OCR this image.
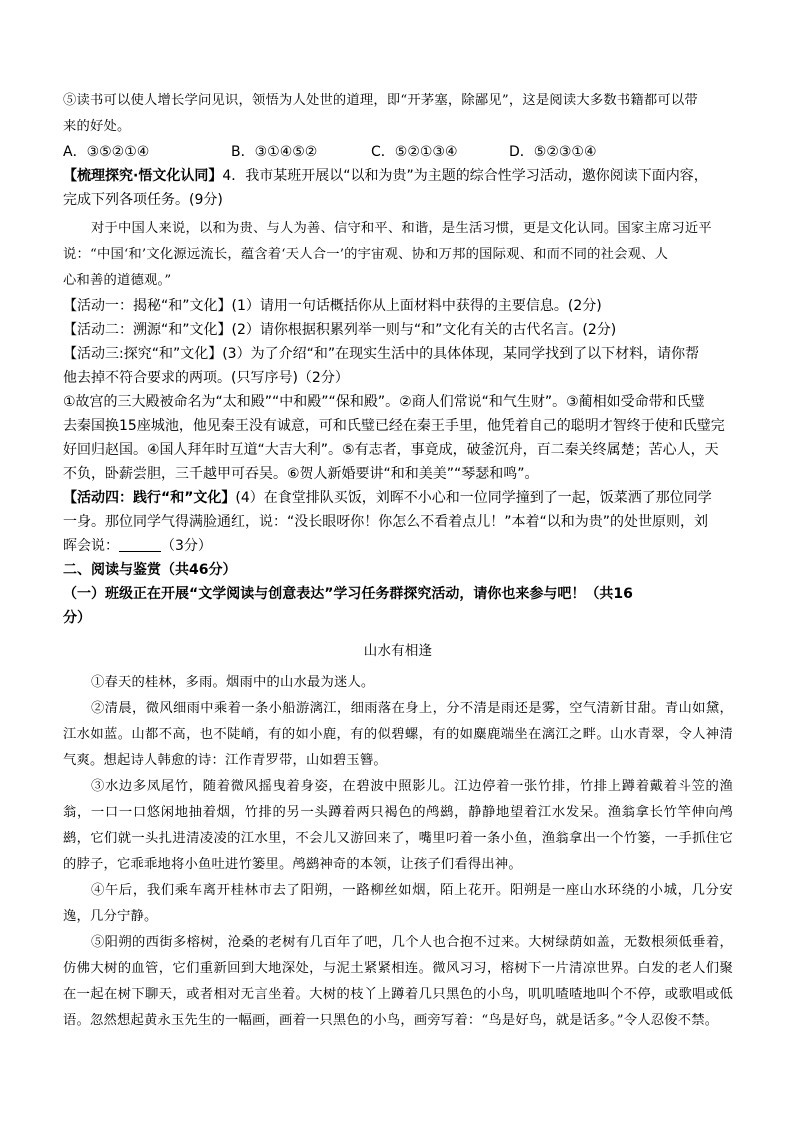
⑤读书可以使人增长学问见识，领悟为人处世的道理，即“开茅塞，除鄙见”，这是阅读大多数书籍都可以带

来的好处。

A．③⑤②①④	B．③①④⑤②	C．⑤②①③④	D．⑤②③①④

【梳理探究·悟文化认同】4．我市某班开展以“以和为贵”为主题的综合性学习活动，邀你阅读下面内容，

完成下列各项任务。(9分)

对于中国人来说，以和为贵、与人为善、信守和平、和谐，是生活习惯，更是文化认同。国家主席习近平

说：“中国‘和’文化源远流长，蕴含着‘天人合一’的宇宙观、协和万邦的国际观、和而不同的社会观、人

心和善的道德观。”

【活动一：揭秘“和”文化】(1）请用一句话概括你从上面材料中获得的主要信息。(2分)

【活动二：溯源“和”文化】(2）请你根据积累列举一则与“和”文化有关的古代名言。(2分)

【活动三:探究“和”文化】(3）为了介绍“和”在现实生活中的具体体现，某同学找到了以下材料，请你帮

他去掉不符合要求的两项。(只写序号)（2分）

①故宫的三大殿被命名为“太和殿”“中和殿”“保和殿”。②商人们常说“和气生财”。③蔺相如受命带和氏璧

去秦国换15座城池，他见秦王没有诚意，可和氏璧已经在秦王手里，他凭着自己的聪明才智终于使和氏璧完

好回归赵国。④国人拜年时互道“大吉大利”。⑤有志者，事竟成，破釜沉舟，百二秦关终属楚；苦心人，天

不负，卧薪尝胆，三千越甲可吞吴。⑥贺人新婚要讲“和和美美”“琴瑟和鸣”。

【活动四：践行“和”文化】(4）在食堂排队买饭，刘晖不小心和一位同学撞到了一起，饭菜洒了那位同学

一身。那位同学气得满脸通红，说：“没长眼呀你！你怎么不看着点儿！”本着“以和为贵”的处世原则，刘

晖会说：	（3分）

二、阅读与鉴赏（共46分）

（一）班级正在开展“文学阅读与创意表达”学习任务群探究活动，请你也来参与吧！（共16

分）

山水有相逢

①春天的桂林，多雨。烟雨中的山水最为迷人。

②清晨，微风细雨中乘着一条小船游漓江，细雨落在身上，分不清是雨还是雾，空气清新甘甜。青山如黛，江水如蓝。山都不高，也不陡峭，有的如小鹿，有的似碧螺，有的如麋鹿端坐在漓江之畔。山水青翠，令人神清气爽。想起诗人韩愈的诗：江作青罗带，山如碧玉簪。

③水边多凤尾竹，随着微风摇曳着身姿，在碧波中照影儿。江边停着一张竹排，竹排上蹲着戴着斗笠的渔翁，一口一口悠闲地抽着烟，竹排的另一头蹲着两只褐色的鸬鹚，静静地望着江水发呆。渔翁拿长竹竿伸向鸬鹚，它们就一头扎进清凌凌的江水里，不会儿又游回来了，嘴里叼着一条小鱼，渔翁拿出一个竹篓，一手抓住它的脖子，它乖乖地将小鱼吐进竹篓里。鸬鹚神奇的本领，让孩子们看得出神。

④午后，我们乘车离开桂林市去了阳朔，一路柳丝如烟，陌上花开。阳朔是一座山水环绕的小城，几分安逸，几分宁静。

⑤阳朔的西街多榕树，沧桑的老树有几百年了吧，几个人也合抱不过来。大树绿荫如盖，无数根须低垂着，仿佛大树的血管，它们重新回到大地深处，与泥土紧紧相连。微风习习，榕树下一片清凉世界。白发的老人们聚在一起在树下聊天，或者相对无言坐着。大树的枝丫上蹲着几只黑色的小鸟，叽叽喳喳地叫个不停，或歌唱或低语。忽然想起黄永玉先生的一幅画，画着一只黑色的小鸟，画旁写着：“鸟是好鸟，就是话多。”令人忍俊不禁。
